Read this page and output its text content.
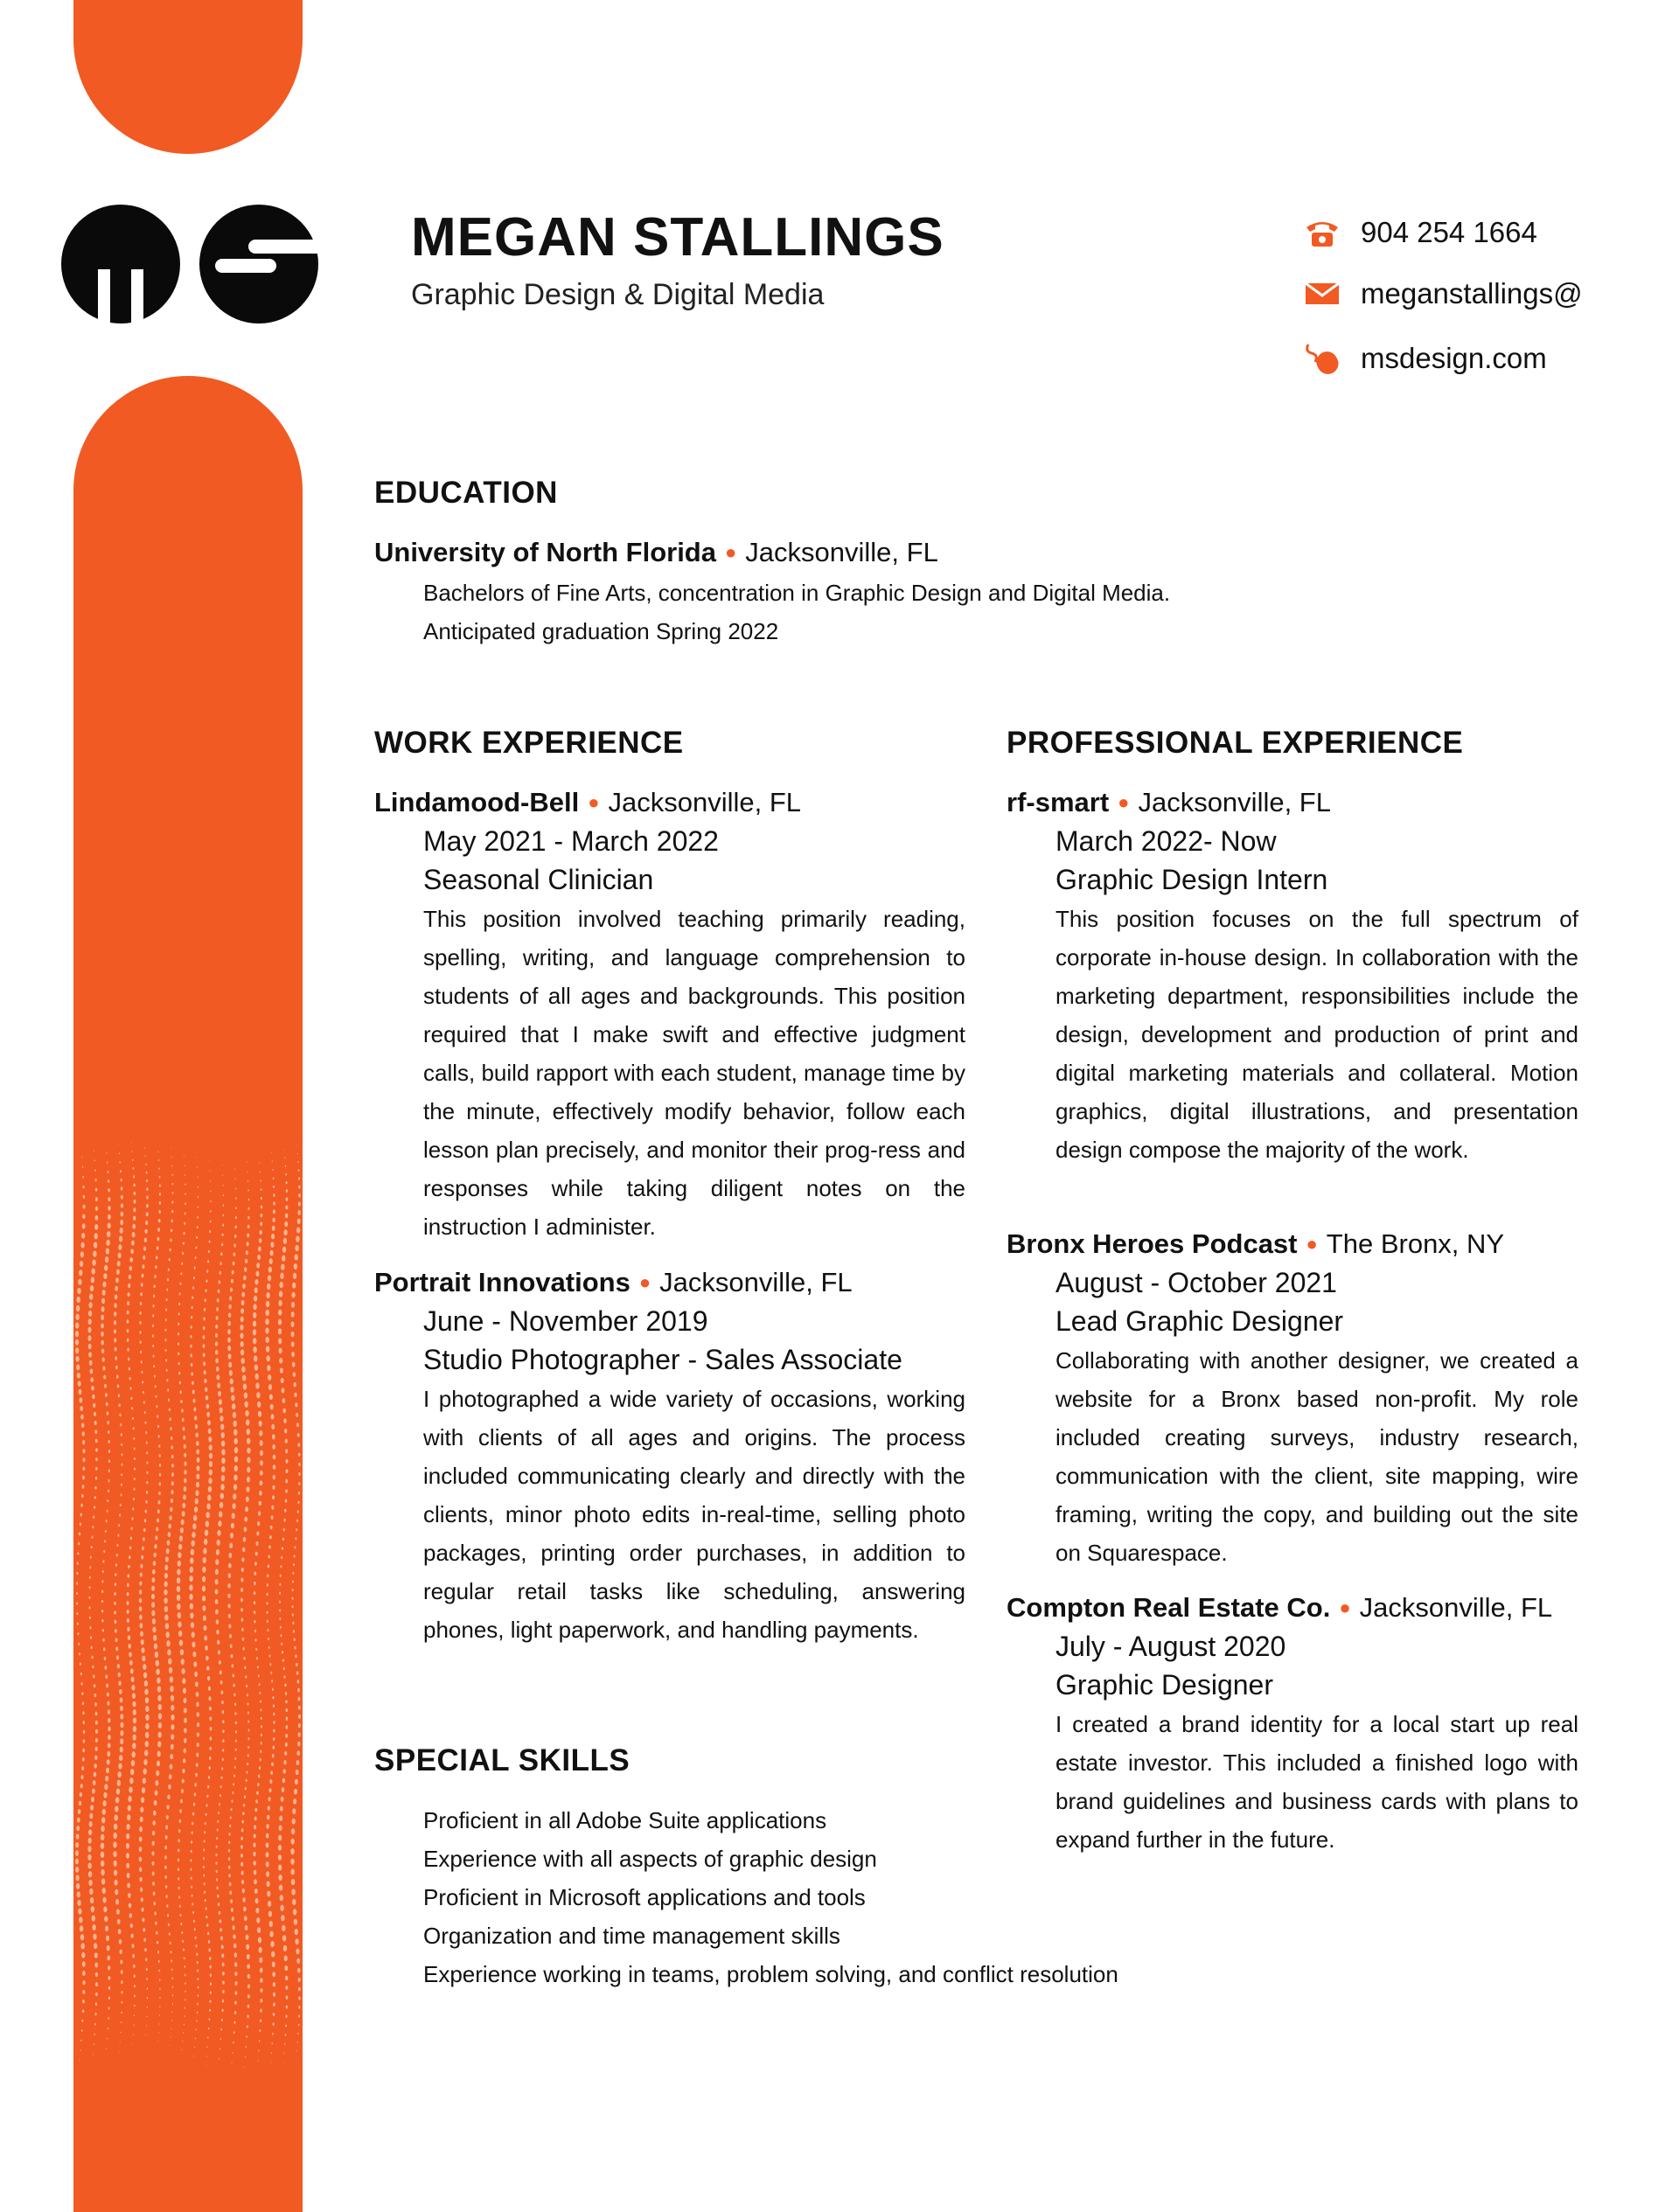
MEGAN STALLINGS
Graphic Design & Digital Media
904 254 1664
meganstallings@
msdesign.com
EDUCATION
University of North Florida ● Jacksonville, FL
Bachelors of Fine Arts, concentration in Graphic Design and Digital Media.
Anticipated graduation Spring 2022
WORK EXPERIENCE
Lindamood-Bell ● Jacksonville, FL
May 2021 - March 2022
Seasonal Clinician
This position involved teaching primarily reading, spelling, writing, and language comprehension to students of all ages and backgrounds. This position required that I make swift and effective judgment calls, build rapport with each student, manage time by the minute, effectively modify behavior, follow each lesson plan precisely, and monitor their prog-ress and responses while taking diligent notes on the instruction I administer.
Portrait Innovations ● Jacksonville, FL
June - November 2019
Studio Photographer - Sales Associate
I photographed a wide variety of occasions, working with clients of all ages and origins. The process included communicating clearly and directly with the clients, minor photo edits in-real-time, selling photo packages, printing order purchases, in addition to regular retail tasks like scheduling, answering phones, light paperwork, and handling payments.
PROFESSIONAL EXPERIENCE
rf-smart ● Jacksonville, FL
March 2022- Now
Graphic Design Intern
This position focuses on the full spectrum of corporate in-house design. In collaboration with the marketing department, responsibilities include the design, development and production of print and digital marketing materials and collateral. Motion graphics, digital illustrations, and presentation design compose the majority of the work.
Bronx Heroes Podcast ● The Bronx, NY
August - October 2021
Lead Graphic Designer
Collaborating with another designer, we created a website for a Bronx based non-profit. My role included creating surveys, industry research, communication with the client, site mapping, wire framing, writing the copy, and building out the site on Squarespace.
Compton Real Estate Co. ● Jacksonville, FL
July - August 2020
Graphic Designer
I created a brand identity for a local start up real estate investor. This included a finished logo with brand guidelines and business cards with plans to expand further in the future.
SPECIAL SKILLS
Proficient in all Adobe Suite applications
Experience with all aspects of graphic design
Proficient in Microsoft applications and tools
Organization and time management skills
Experience working in teams, problem solving, and conflict resolution
